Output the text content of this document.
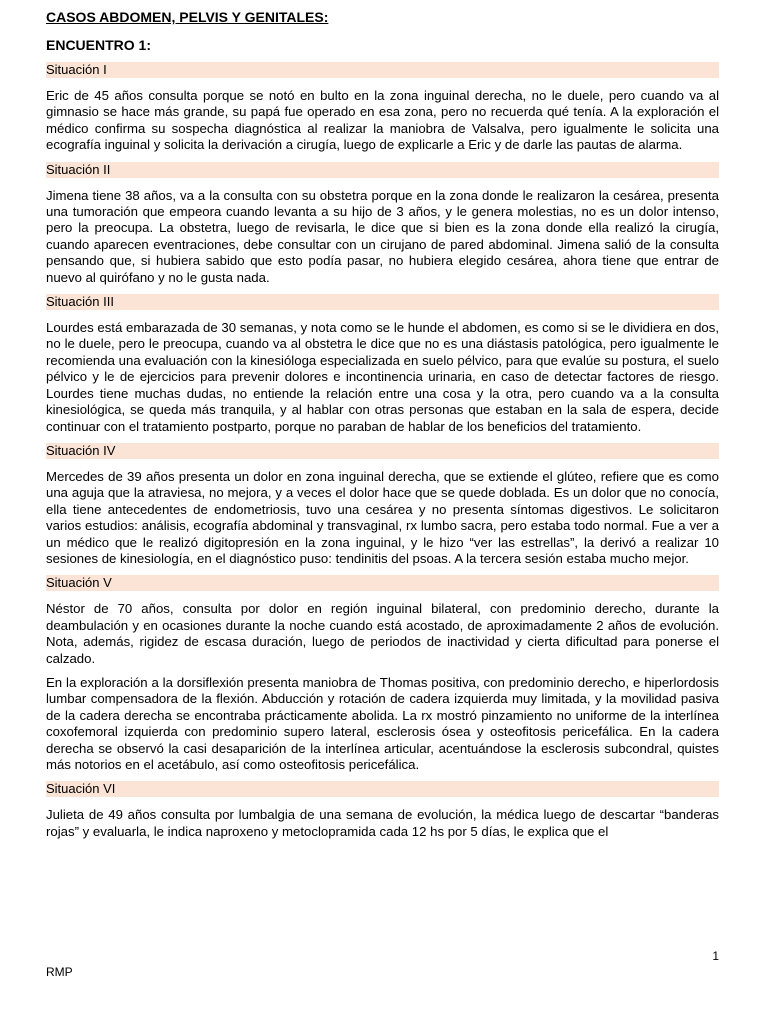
CASOS ABDOMEN, PELVIS Y GENITALES:

ENCUENTRO 1:

Situación I

Eric de 45 años consulta porque se notó en bulto en la zona inguinal derecha, no le duele, pero cuando va al gimnasio se hace más grande, su papá fue operado en esa zona, pero no recuerda qué tenía. A la exploración el médico confirma su sospecha diagnóstica al realizar la maniobra de Valsalva, pero igualmente le solicita una ecografía inguinal y solicita la derivación a cirugía, luego de explicarle a Eric y de darle las pautas de alarma.

Situación II

Jimena tiene 38 años, va a la consulta con su obstetra porque en la zona donde le realizaron la cesárea, presenta una tumoración que empeora cuando levanta a su hijo de 3 años, y le genera molestias, no es un dolor intenso, pero la preocupa. La obstetra, luego de revisarla, le dice que si bien es la zona donde ella realizó la cirugía, cuando aparecen eventraciones, debe consultar con un cirujano de pared abdominal. Jimena salió de la consulta pensando que, si hubiera sabido que esto podía pasar, no hubiera elegido cesárea, ahora tiene que entrar de nuevo al quirófano y no le gusta nada.

Situación III

Lourdes está embarazada de 30 semanas, y nota como se le hunde el abdomen, es como si se le dividiera en dos, no le duele, pero le preocupa, cuando va al obstetra le dice que no es una diástasis patológica, pero igualmente le recomienda una evaluación con la kinesióloga especializada en suelo pélvico, para que evalúe su postura, el suelo pélvico y le de ejercicios para prevenir dolores e incontinencia urinaria, en caso de detectar factores de riesgo. Lourdes tiene muchas dudas, no entiende la relación entre una cosa y la otra, pero cuando va a la consulta kinesiológica, se queda más tranquila, y al hablar con otras personas que estaban en la sala de espera, decide continuar con el tratamiento postparto, porque no paraban de hablar de los beneficios del tratamiento.

Situación IV

Mercedes de 39 años presenta un dolor en zona inguinal derecha, que se extiende el glúteo, refiere que es como una aguja que la atraviesa, no mejora, y a veces el dolor hace que se quede doblada. Es un dolor que no conocía, ella tiene antecedentes de endometriosis, tuvo una cesárea y no presenta síntomas digestivos. Le solicitaron varios estudios: análisis, ecografía abdominal y transvaginal, rx lumbo sacra, pero estaba todo normal. Fue a ver a un médico que le realizó digitopresión en la zona inguinal, y le hizo “ver las estrellas”, la derivó a realizar 10 sesiones de kinesiología, en el diagnóstico puso: tendinitis del psoas. A la tercera sesión estaba mucho mejor.

Situación V

Néstor de 70 años, consulta por dolor en región inguinal bilateral, con predominio derecho, durante la deambulación y en ocasiones durante la noche cuando está acostado, de aproximadamente 2 años de evolución. Nota, además, rigidez de escasa duración, luego de periodos de inactividad y cierta dificultad para ponerse el calzado.

En la exploración a la dorsiflexión presenta maniobra de Thomas positiva, con predominio derecho, e hiperlordosis lumbar compensadora de la flexión. Abducción y rotación de cadera izquierda muy limitada, y la movilidad pasiva de la cadera derecha se encontraba prácticamente abolida. La rx mostró pinzamiento no uniforme de la interlínea coxofemoral izquierda con predominio supero lateral, esclerosis ósea y osteofitosis pericefálica. En la cadera derecha se observó la casi desaparición de la interlínea articular, acentuándose la esclerosis subcondral, quistes más notorios en el acetábulo, así como osteofitosis pericefálica.

Situación VI

Julieta de 49 años consulta por lumbalgia de una semana de evolución, la médica luego de descartar “banderas rojas” y evaluarla, le indica naproxeno y metoclopramida cada 12 hs por 5 días, le explica que el

1
RMP
